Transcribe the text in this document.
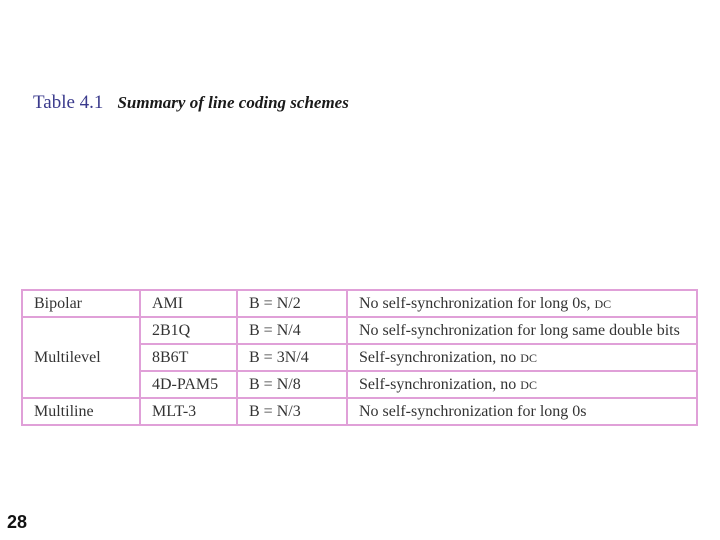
Table 4.1 Summary of line coding schemes
Bipolar	AMI	B = N/2	No self-synchronization for long 0s, DC
Multilevel	2B1Q	B = N/4	No self-synchronization for long same double bits
	8B6T	B = 3N/4	Self-synchronization, no DC
	4D-PAM5	B = N/8	Self-synchronization, no DC
Multiline	MLT-3	B = N/3	No self-synchronization for long 0s
28
